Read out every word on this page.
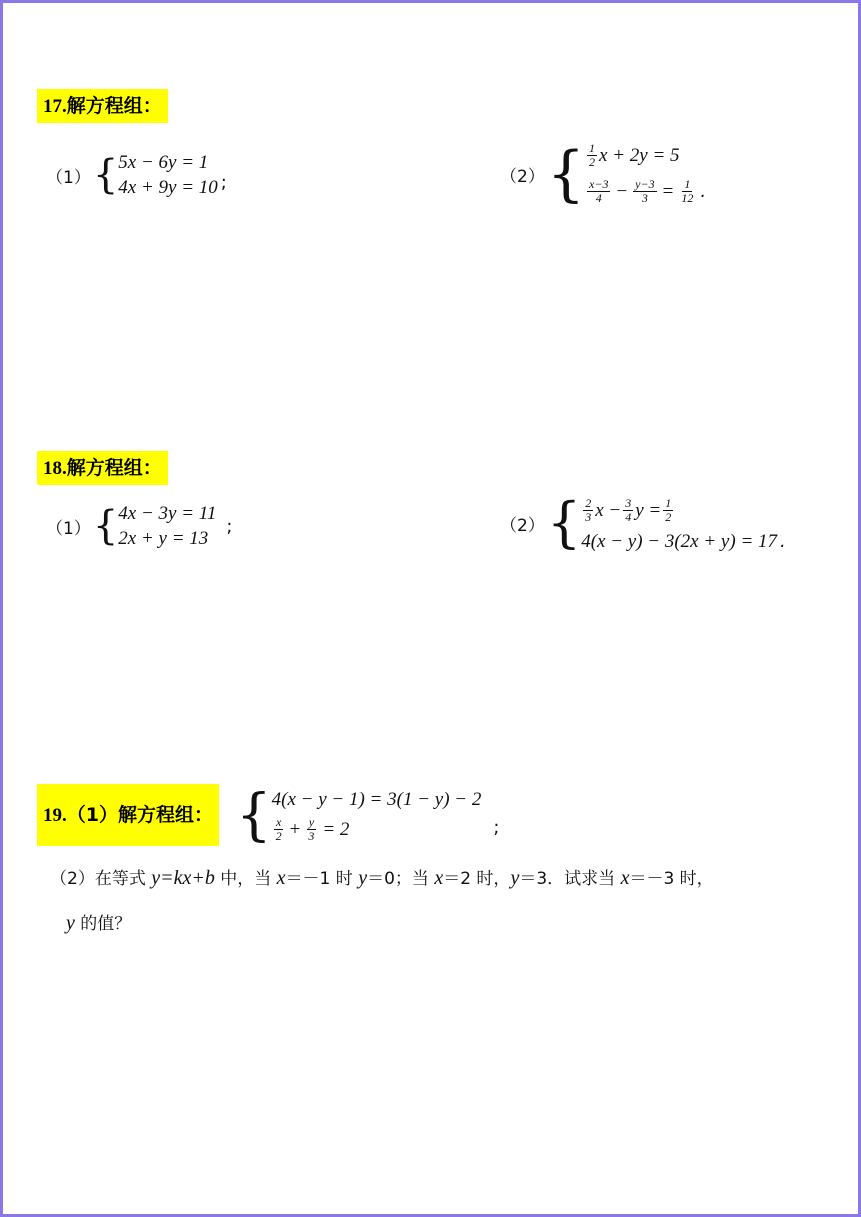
17.解方程组：
（1） { 5x − 6y = 1
4x + 9y = 10 ;	（2） { $\frac{1}{2}$ x + 2y = 5
$\frac{x-3}{4} - \frac{y-3}{3} = \frac{1}{12}$ .
18.解方程组：
（1） { 4x − 3y = 11
2x + y = 13
;	（2） { $\frac{2}{3}$ $x - \frac{3}{4}$ $y = \frac{1}{2}$
4(x − y) − 3(2x + y) = 17 .
19.（1）解方程组： { 4(x − y − 1) = 3(1 − y) − 2
$\frac{x}{2} + \frac{y}{3} = 2$	;
（2）在等式 y=kx+b 中，当 x＝－1 时 y＝0；当 x＝2 时，y＝3．试求当 x＝－3 时，
y 的值？
